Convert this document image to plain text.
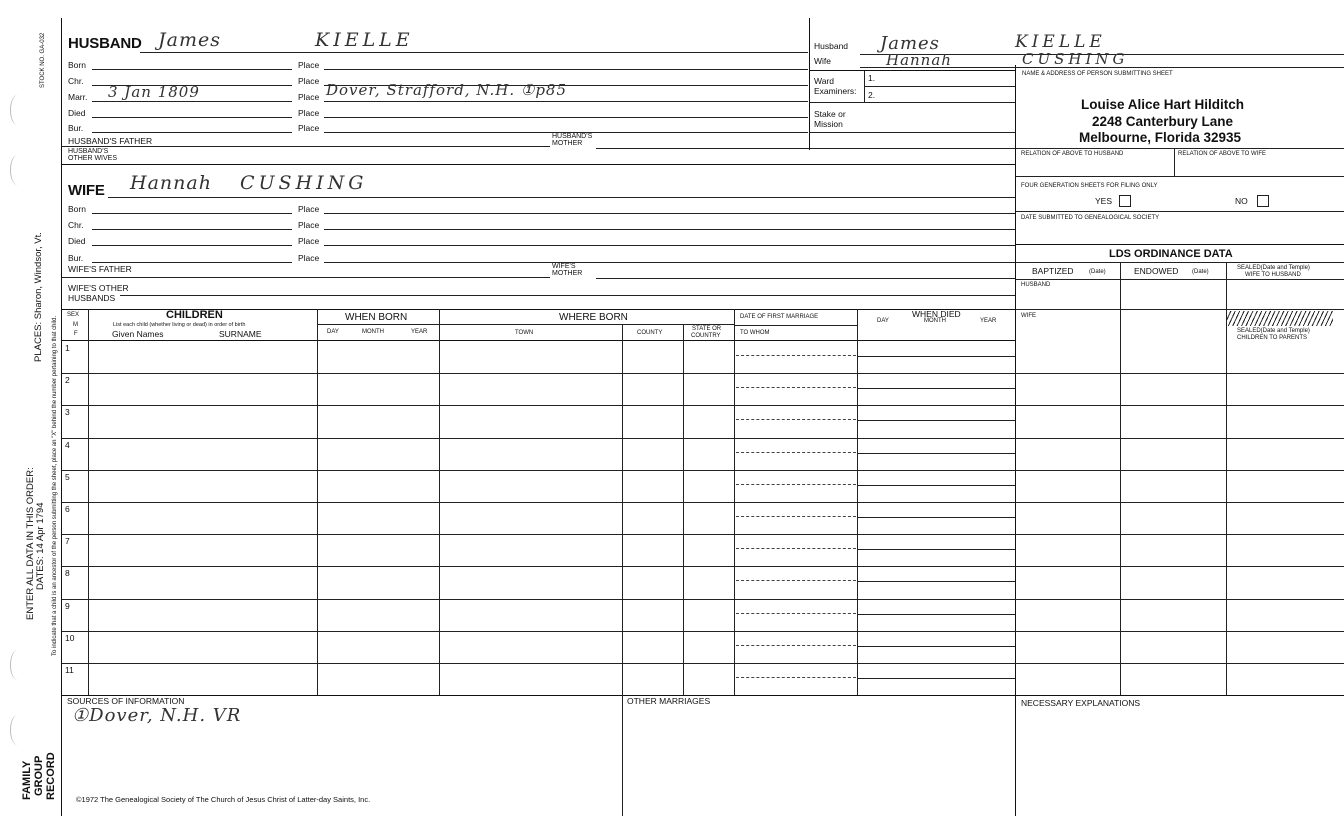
STOCK NO. GA-032
PLACES: Sharon, Windsor, Vt.
ENTER ALL DATA IN THIS ORDER: DATES: 14 Apr 1794 To indicate that a child is an ancestor of the person submitting the sheet, place an "X" behind the number pertaining to that child.
FAMILY GROUP RECORD
HUSBAND James	KIELLE
Born	Place
Chr.	Place
Marr. 3 Jan 1809	Place Dover, Strafford, N.H. ①p85
Died	Place
Bur.	Place
HUSBAND'S FATHER	HUSBAND'S
MOTHER
HUSBAND'S
OTHER WIVES
WIFE Hannah CUSHING
Born	Place
Chr.	Place
Died	Place
Bur.	Place
WIFE'S FATHER	WIFE'S
MOTHER
WIFE'S OTHER
HUSBANDS
Husband James	KIELLE
Wife	Hannah	CUSHING
Ward
Examiners:
1.
2.
Stake or
Mission
NAME & ADDRESS OF PERSON SUBMITTING SHEET
Louise Alice Hart Hilditch
2248 Canterbury Lane
Melbourne, Florida 32935
RELATION OF ABOVE TO HUSBAND	RELATION OF ABOVE TO WIFE
FOUR GENERATION SHEETS FOR FILING ONLY
YES	NO
DATE SUBMITTED TO GENEALOGICAL SOCIETY
LDS ORDINANCE DATA
BAPTIZED	(Date)	ENDOWED (Date)
SEALED(Date and Temple)
WIFE TO HUSBAND
HUSBAND
WIFE
SEALED(Date and Temple)
CHILDREN TO PARENTS
SEX
M
F
CHILDREN
List each child (whether living or dead) in order of birth
Given Names	SURNAME
WHEN BORN
DAY	MONTH	YEAR
WHERE BORN
TOWN	COUNTY
STATE OR
COUNTRY
DATE OF FIRST MARRIAGE
TO WHOM
WHEN DIED
DAY	MONTH	YEAR
1
2
3
4
5
6
7
8
9
10
11
SOURCES OF INFORMATION
①Dover, N.H. VR
OTHER MARRIAGES	NECESSARY EXPLANATIONS
©1972 The Genealogical Society of The Church of Jesus Christ of Latter-day Saints, Inc.
